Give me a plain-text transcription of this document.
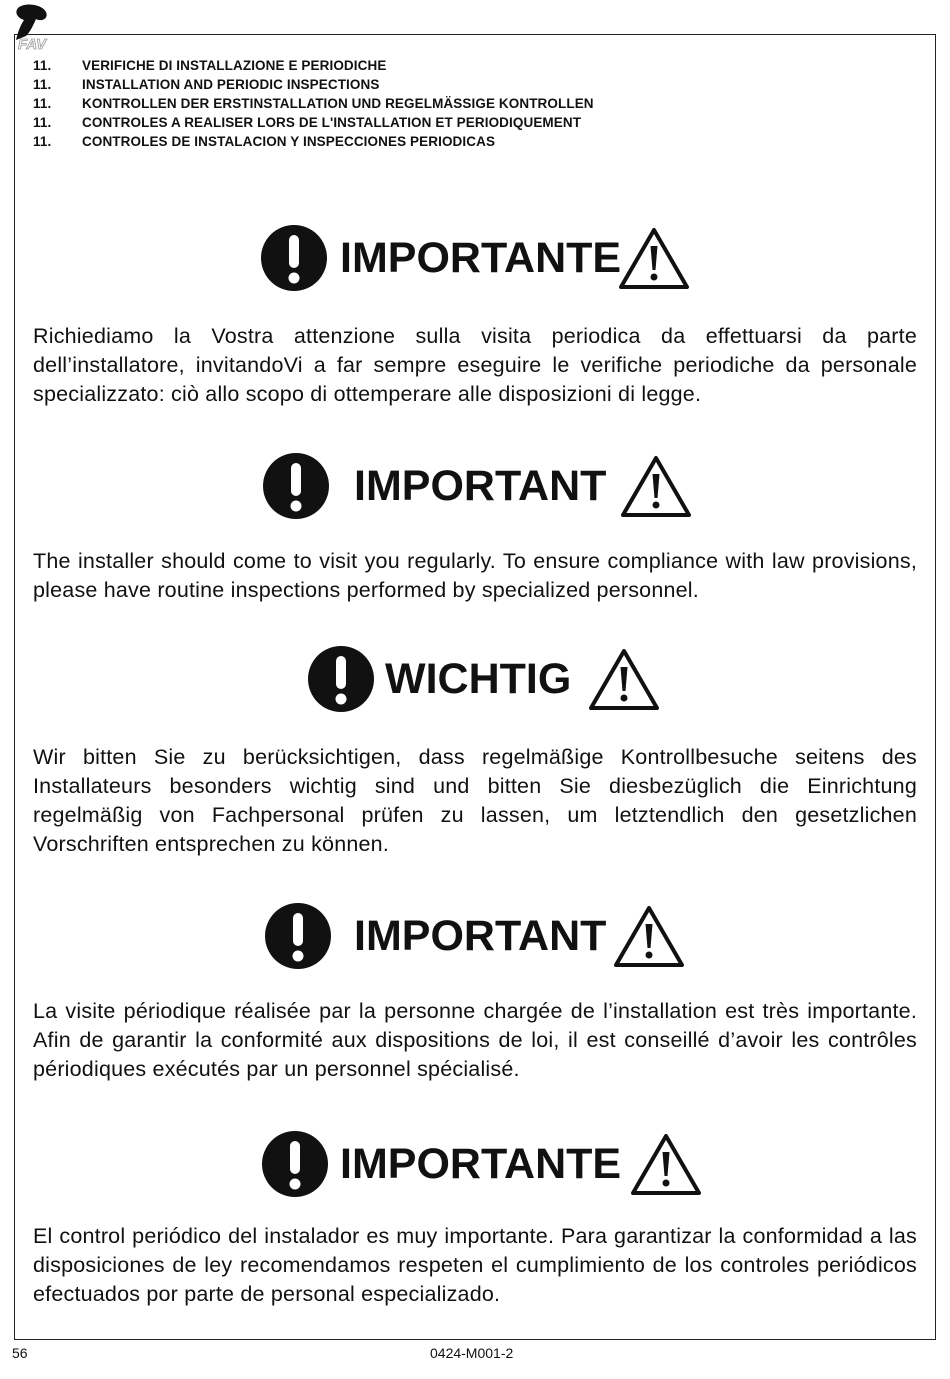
FAV
11.	VERIFICHE DI INSTALLAZIONE E PERIODICHE
11.	INSTALLATION AND PERIODIC INSPECTIONS
11.	KONTROLLEN DER ERSTINSTALLATION UND REGELMÄSSIGE KONTROLLEN
11.	CONTROLES A REALISER LORS DE L'INSTALLATION ET PERIODIQUEMENT
11.	CONTROLES DE INSTALACION Y INSPECCIONES PERIODICAS
IMPORTANTE
Richiediamo la Vostra attenzione sulla visita periodica da effettuarsi da parte dell’installatore, invitandoVi a far sempre eseguire le verifiche periodiche da personale specializzato: ciò allo scopo di ottemperare alle disposizioni di legge.
IMPORTANT
The installer should come to visit you regularly. To ensure compliance with law provisions, please have routine inspections performed by specialized personnel.
WICHTIG
Wir bitten Sie zu berücksichtigen, dass regelmäßige Kontrollbesuche seitens des Installateurs besonders wichtig sind und bitten Sie diesbezüglich die Einrichtung regelmäßig von Fachpersonal prüfen zu lassen, um letztendlich den gesetzlichen Vorschriften entsprechen zu können.
IMPORTANT
La visite périodique réalisée par la personne chargée de l’installation est très importante. Afin de garantir la conformité aux dispositions de loi, il est conseillé d’avoir les contrôles périodiques exécutés par un personnel spécialisé.
IMPORTANTE
El control periódico del instalador es muy importante. Para garantizar la conformidad a las disposiciones de ley recomendamos respeten el cumplimiento de los controles periódicos efectuados por parte de personal especializado.
56	0424-M001-2
